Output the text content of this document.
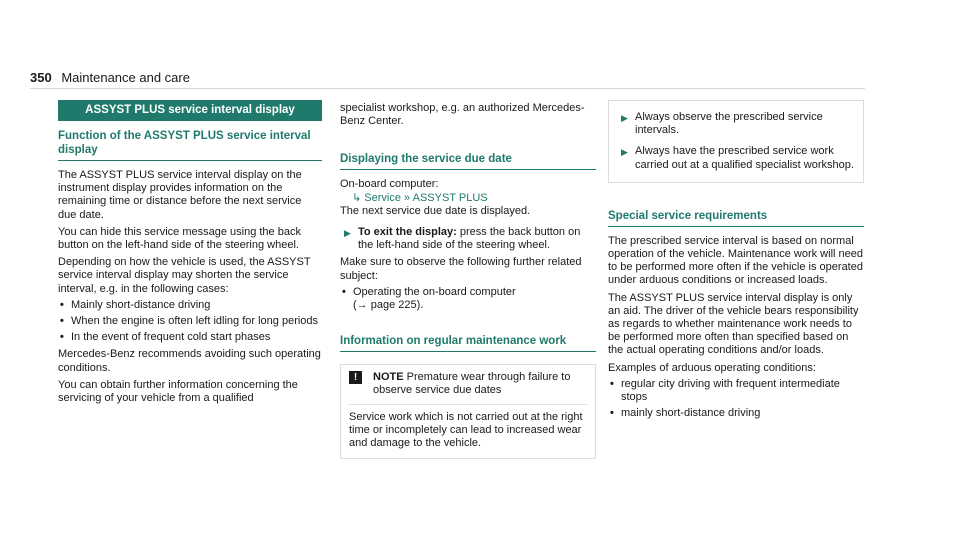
350 Maintenance and care
ASSYST PLUS service interval display
Function of the ASSYST PLUS service interval display

The ASSYST PLUS service interval display on the instrument display provides information on the remaining time or distance before the next service due date.

You can hide this service message using the back button on the left-hand side of the steering wheel.

Depending on how the vehicle is used, the ASSYST service interval display may shorten the service interval, e.g. in the following cases:

• Mainly short-distance driving
• When the engine is often left idling for long periods
• In the event of frequent cold start phases

Mercedes-Benz recommends avoiding such operating conditions.

You can obtain further information concerning the servicing of your vehicle from a qualified

specialist workshop, e.g. an authorized Mercedes-Benz Center.

Displaying the service due date

On-board computer:

↳ Service » ASSYST PLUS

The next service due date is displayed.

▶ To exit the display: press the back button on the left-hand side of the steering wheel.

Make sure to observe the following further related subject:

• Operating the on-board computer
(→ page 225).
Information on regular maintenance work
!	NOTE Premature wear through failure to observe service due dates

Service work which is not carried out at the right time or incompletely can lead to increased wear and damage to the vehicle.

▶ Always observe the prescribed service intervals.
▶ Always have the prescribed service work carried out at a qualified specialist workshop.
Special service requirements

The prescribed service interval is based on normal operation of the vehicle. Maintenance work will need to be performed more often if the vehicle is operated under arduous conditions or increased loads.

The ASSYST PLUS service interval display is only an aid. The driver of the vehicle bears responsibility as regards to whether maintenance work needs to be performed more often than specified based on the actual operating conditions and/or loads.

Examples of arduous operating conditions:

• regular city driving with frequent intermediate stops
• mainly short-distance driving
